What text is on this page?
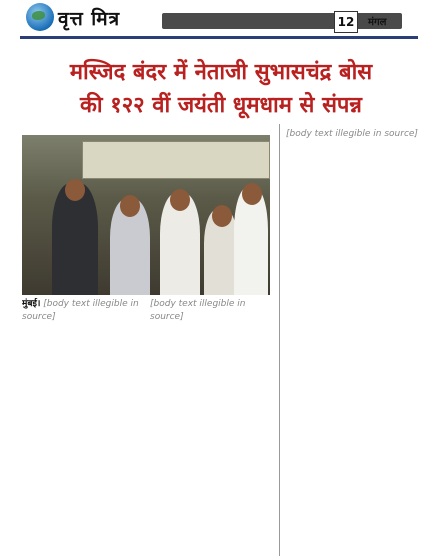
वृत्त मित्र	12	मंगल
मस्जिद बंदर में नेताजी सुभासचंद्र बोस
की १२२ वीं जयंती धूमधाम से संपन्न
मुंबई। [body text illegible in source]
[body text illegible in source]
[body text illegible in source]
